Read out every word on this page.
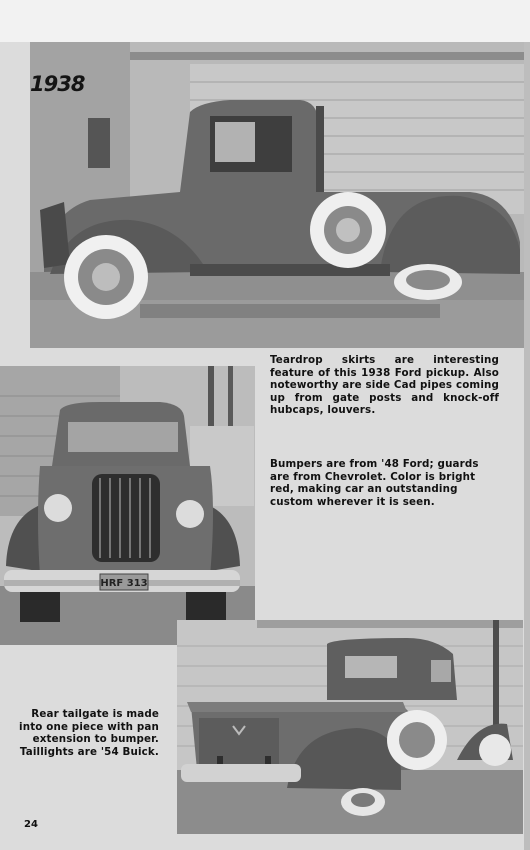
1938
Teardrop skirts are interesting feature of this 1938 Ford pickup. Also noteworthy are side Cad pipes coming up from gate posts and knock-off hubcaps, louvers.
HRF 313
Bumpers are from '48 Ford; guards are from Chevrolet. Color is bright red, making car an outstanding custom wherever it is seen.
Rear tailgate is made into one piece with pan extension to bumper. Taillights are '54 Buick.
24
